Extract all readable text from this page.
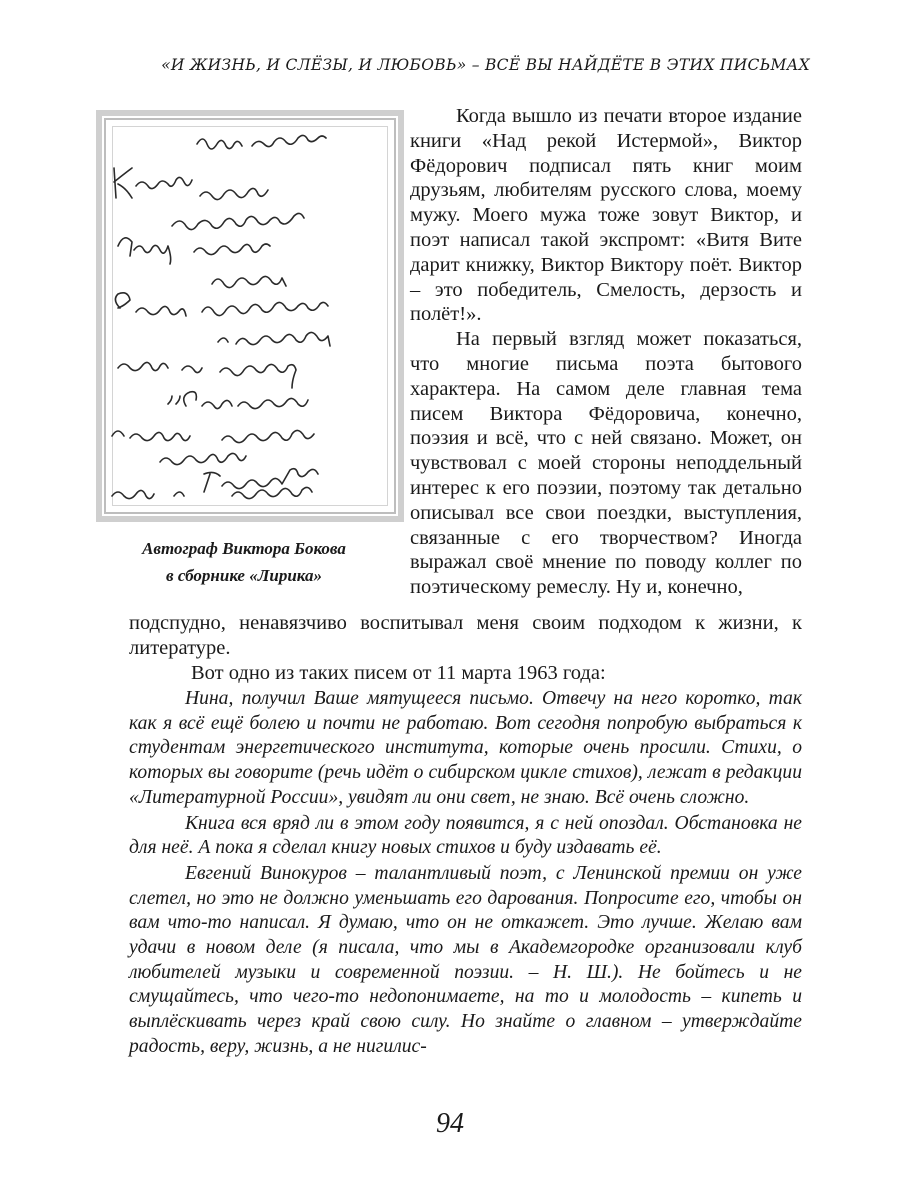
«И ЖИЗНЬ, И СЛЁЗЫ, И ЛЮБОВЬ» – ВСЁ ВЫ НАЙДЁТЕ В ЭТИХ ПИСЬМАХ
Автограф Виктора Бокова
в сборнике «Лирика»

Когда вышло из печати второе издание книги «Над рекой Истермой», Виктор Фёдорович подписал пять книг моим друзьям, любителям русского слова, моему мужу. Моего мужа тоже зовут Виктор, и поэт написал такой экспромт: «Витя Вите дарит книжку, Виктор Виктору поёт. Виктор – это победитель, Смелость, дерзость и полёт!».

На первый взгляд может показаться, что многие письма поэта бытового характера. На самом деле главная тема писем Виктора Фёдоровича, конечно, поэзия и всё, что с ней связано. Может, он чувствовал с моей стороны неподдельный интерес к его поэзии, поэтому так детально описывал все свои поездки, выступления, связанные с его творчеством? Иногда выражал своё мнение по поводу коллег по поэтическому ремеслу. Ну и, конечно,

подспудно, ненавязчиво воспитывал меня своим подходом к жизни, к литературе.

Вот одно из таких писем от 11 марта 1963 года:

Нина, получил Ваше мятущееся письмо. Отвечу на него коротко, так как я всё ещё болею и почти не работаю. Вот сегодня попробую выбраться к студентам энергетического института, которые очень просили. Стихи, о которых вы говорите (речь идёт о сибирском цикле стихов), лежат в редакции «Литературной России», увидят ли они свет, не знаю. Всё очень сложно.

Книга вся вряд ли в этом году появится, я с ней опоздал. Обстановка не для неё. А пока я сделал книгу новых стихов и буду издавать её.

Евгений Винокуров – талантливый поэт, с Ленинской премии он уже слетел, но это не должно уменьшать его дарования. Попросите его, чтобы он вам что-то написал. Я думаю, что он не откажет. Это лучше. Желаю вам удачи в новом деле (я писала, что мы в Академгородке организовали клуб любителей музыки и современной поэзии. – Н. Ш.). Не бойтесь и не смущайтесь, что чего-то недопонимаете, на то и молодость – кипеть и выплёскивать через край свою силу. Но знайте о главном – утверждайте радость, веру, жизнь, а не нигилис-

94
